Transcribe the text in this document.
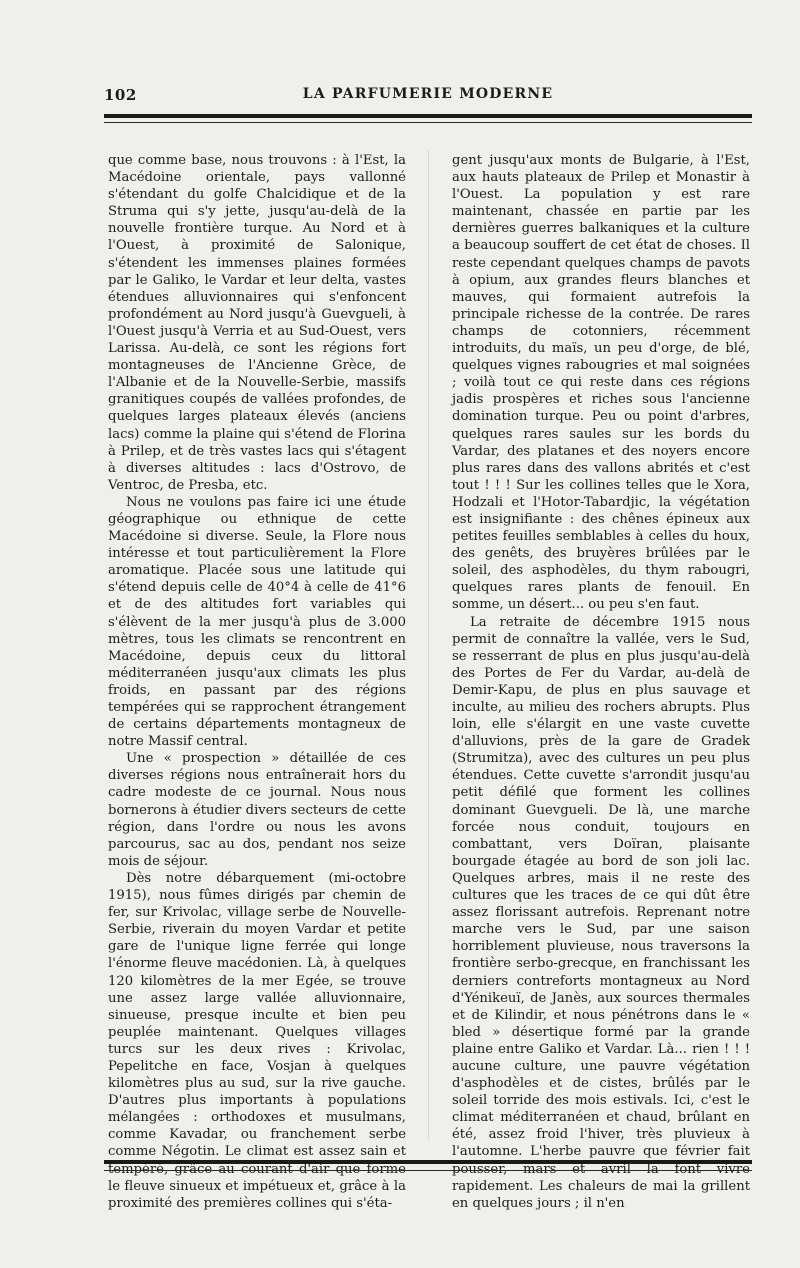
102	LA PARFUMERIE MODERNE

que comme base, nous trouvons : à l'Est, la Macédoine orientale, pays vallonné s'étendant du golfe Chalcidique et de la Struma qui s'y jette, jusqu'au-delà de la nouvelle frontière turque. Au Nord et à l'Ouest, à proximité de Salonique, s'étendent les immenses plaines formées par le Galiko, le Vardar et leur delta, vastes étendues alluvionnaires qui s'enfoncent profondément au Nord jusqu'à Guevgueli, à l'Ouest jusqu'à Verria et au Sud-Ouest, vers Larissa. Au-delà, ce sont les régions fort montagneuses de l'Ancienne Grèce, de l'Albanie et de la Nouvelle-Serbie, massifs granitiques coupés de vallées profondes, de quelques larges plateaux élevés (anciens lacs) comme la plaine qui s'étend de Florina à Prilep, et de très vastes lacs qui s'étagent à diverses altitudes : lacs d'Ostrovo, de Ventroc, de Presba, etc.

Nous ne voulons pas faire ici une étude géographique ou ethnique de cette Macédoine si diverse. Seule, la Flore nous intéresse et tout particulièrement la Flore aromatique. Placée sous une latitude qui s'étend depuis celle de 40°4 à celle de 41°6 et de des altitudes fort variables qui s'élèvent de la mer jusqu'à plus de 3.000 mètres, tous les climats se rencontrent en Macédoine, depuis ceux du littoral méditerranéen jusqu'aux climats les plus froids, en passant par des régions tempérées qui se rapprochent étrangement de certains départements montagneux de notre Massif central.

Une « prospection » détaillée de ces diverses régions nous entraînerait hors du cadre modeste de ce journal. Nous nous bornerons à étudier divers secteurs de cette région, dans l'ordre ou nous les avons parcourus, sac au dos, pendant nos seize mois de séjour.

Dès notre débarquement (mi-octobre 1915), nous fûmes dirigés par chemin de fer, sur Krivolac, village serbe de Nouvelle-Serbie, riverain du moyen Vardar et petite gare de l'unique ligne ferrée qui longe l'énorme fleuve macédonien. Là, à quelques 120 kilomètres de la mer Egée, se trouve une assez large vallée alluvionnaire, sinueuse, presque inculte et bien peu peuplée maintenant. Quelques villages turcs sur les deux rives : Krivolac, Pepelitche en face, Vosjan à quelques kilomètres plus au sud, sur la rive gauche. D'autres plus importants à populations mélangées : orthodoxes et musulmans, comme Kavadar, ou franchement serbe comme Négotin. Le climat est assez sain et le fleuve sinueux et impétueux et, grâce à la proximité des premières collines qui s'éta-

gent jusqu'aux monts de Bulgarie, à l'Est, aux hauts plateaux de Prilep et Monastir à l'Ouest. La population y est rare maintenant, chassée en partie par les dernières guerres balkaniques et la culture a beaucoup souffert de cet état de choses. Il reste cependant quelques champs de pavots à opium, aux grandes fleurs blanches et mauves, qui formaient autrefois la principale richesse de la contrée. De rares champs de cotonniers, récemment introduits, du maïs, un peu d'orge, de blé, quelques vignes rabougries et mal soignées ; voilà tout ce qui reste dans ces régions jadis prospères et riches sous l'ancienne domination turque. Peu ou point d'arbres, quelques rares saules sur les bords du Vardar, des platanes et des noyers encore plus rares dans des vallons abrités et c'est tout ! ! ! Sur les collines telles que le Xora, Hodzali et l'Hotor-Tabardjic, la végétation est insignifiante : des chênes épineux aux petites feuilles semblables à celles du houx, des genêts, des bruyères brûlées par le soleil, des asphodèles, du thym rabougri, quelques rares plants de fenouil. En somme, un désert... ou peu s'en faut.

La retraite de décembre 1915 nous permit de connaître la vallée, vers le Sud, se resserrant de plus en plus jusqu'au-delà des Portes de Fer du Vardar, au-delà de Demir-Kapu, de plus en plus sauvage et inculte, au milieu des rochers abrupts. Plus loin, elle s'élargit en une vaste cuvette d'alluvions, près de la gare de Gradek (Strumitza), avec des cultures un peu plus étendues. Cette cuvette s'arrondit jusqu'au petit défilé que forment les collines dominant Guevgueli. De là, une marche forcée nous conduit, toujours en combattant, vers Doïran, plaisante bourgade étagée au bord de son joli lac. Quelques arbres, mais il ne reste des cultures que les traces de ce qui dût être assez florissant autrefois. Reprenant notre marche vers le Sud, par une saison horriblement pluvieuse, nous traversons la frontière serbo-grecque, en franchissant les derniers contreforts montagneux au Nord d'Yénikeuï, de Janès, aux sources thermales et de Kilindir, et nous pénétrons dans le « bled » désertique formé par la grande plaine entre Galiko et Vardar. Là... rien ! ! ! aucune culture, une pauvre végétation d'asphodèles et de cistes, brûlés par le soleil torride des mois estivals. Ici, c'est le climat méditerranéen et chaud, brûlant en été, assez froid l'hiver, très pluvieux à l'automne. L'herbe pauvre que février fait rapidement. Les chaleurs de mai la grillent en quelques jours ; il n'en
